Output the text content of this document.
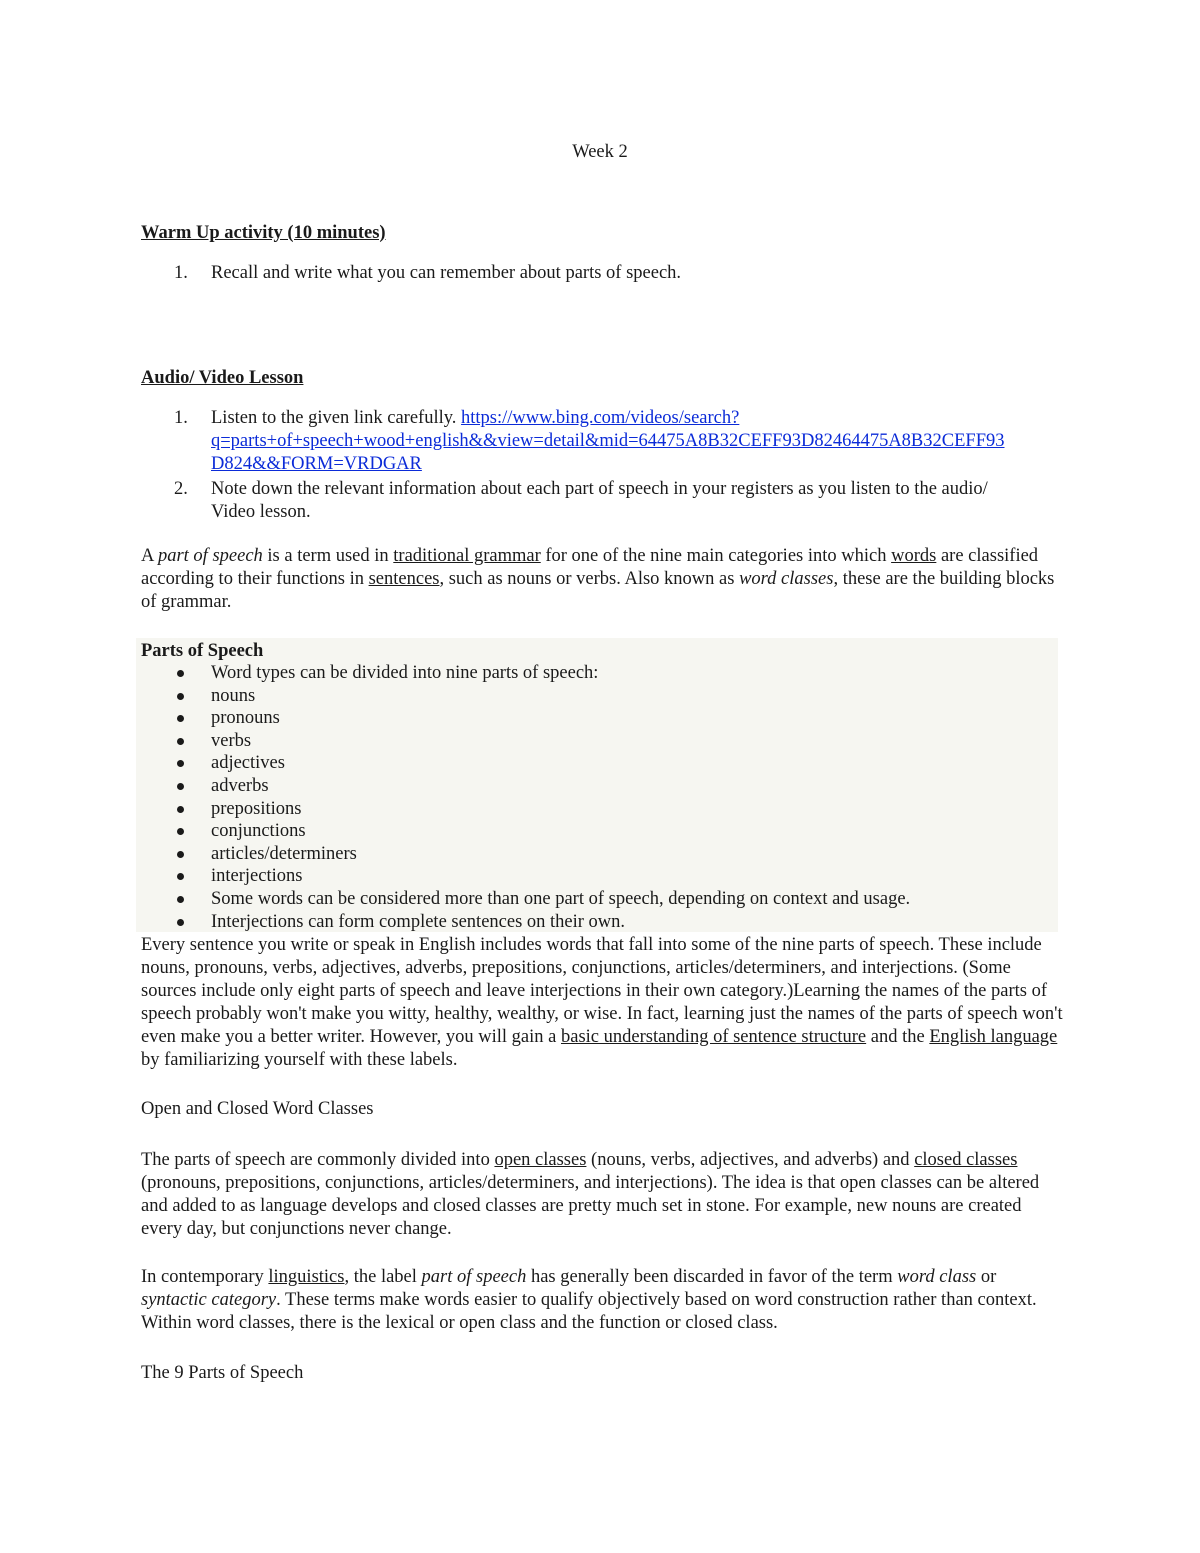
Week 2
Warm Up activity (10 minutes)
1. Recall and write what you can remember about parts of speech.
Audio/ Video Lesson
1. Listen to the given link carefully. https://www.bing.com/videos/search?
q=parts+of+speech+wood+english&&view=detail&mid=64475A8B32CEFF93D82464475A8B32CEFF93
D824&&FORM=VRDGAR
2. Note down the relevant information about each part of speech in your registers as you listen to the audio/
Video lesson.

A part of speech is a term used in traditional grammar for one of the nine main categories into which words are classified according to their functions in sentences, such as nouns or verbs. Also known as word classes, these are the building blocks of grammar.

Parts of Speech
Word types can be divided into nine parts of speech:
nouns
pronouns
verbs
adjectives
adverbs
prepositions
conjunctions
articles/determiners
interjections
Some words can be considered more than one part of speech, depending on context and usage.
Interjections can form complete sentences on their own.

Every sentence you write or speak in English includes words that fall into some of the nine parts of speech. These include nouns, pronouns, verbs, adjectives, adverbs, prepositions, conjunctions, articles/determiners, and interjections. (Some sources include only eight parts of speech and leave interjections in their own category.)Learning the names of the parts of speech probably won't make you witty, healthy, wealthy, or wise. In fact, learning just the names of the parts of speech won't even make you a better writer. However, you will gain a basic understanding of sentence structure and the English language by familiarizing yourself with these labels.

Open and Closed Word Classes

The parts of speech are commonly divided into open classes (nouns, verbs, adjectives, and adverbs) and closed classes (pronouns, prepositions, conjunctions, articles/determiners, and interjections). The idea is that open classes can be altered and added to as language develops and closed classes are pretty much set in stone. For example, new nouns are created every day, but conjunctions never change.

In contemporary linguistics, the label part of speech has generally been discarded in favor of the term word class or syntactic category. These terms make words easier to qualify objectively based on word construction rather than context. Within word classes, there is the lexical or open class and the function or closed class.

The 9 Parts of Speech
